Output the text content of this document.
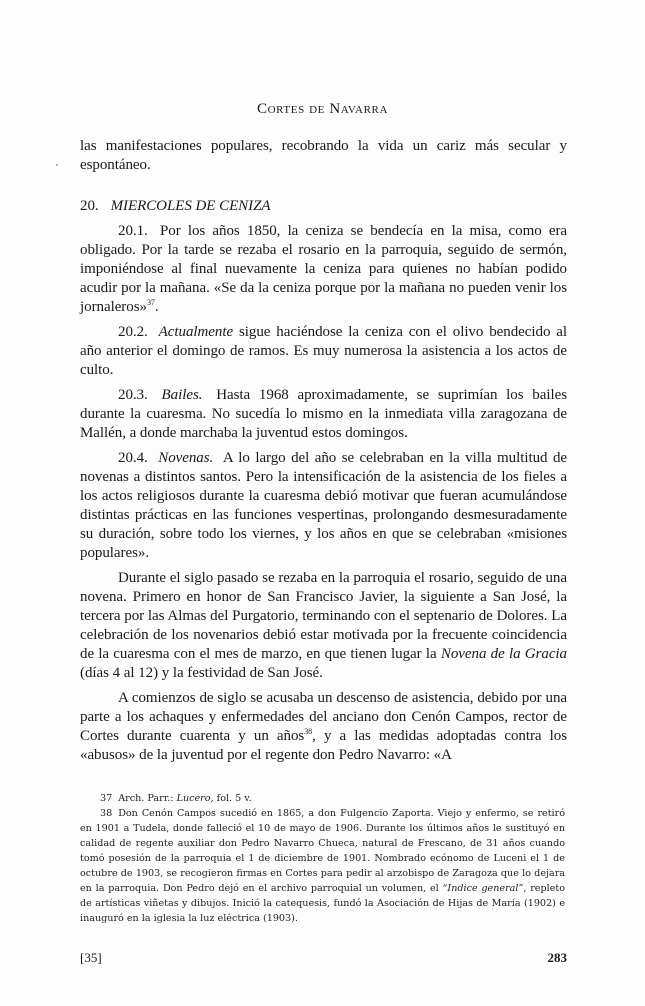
Cortes de Navarra

las manifestaciones populares, recobrando la vida un cariz más secular y espontáneo.

20. MIERCOLES DE CENIZA

20.1. Por los años 1850, la ceniza se bendecía en la misa, como era obligado. Por la tarde se rezaba el rosario en la parroquia, seguido de sermón, imponiéndose al final nuevamente la ceniza para quienes no habían podido acudir por la mañana. «Se da la ceniza porque por la mañana no pueden venir los jornaleros»$^{37}$.

20.2. Actualmente sigue haciéndose la ceniza con el olivo bendecido al año anterior el domingo de ramos. Es muy numerosa la asistencia a los actos de culto.

20.3. Bailes. Hasta 1968 aproximadamente, se suprimían los bailes durante la cuaresma. No sucedía lo mismo en la inmediata villa zaragozana de Mallén, a donde marchaba la juventud estos domingos.

20.4. Novenas. A lo largo del año se celebraban en la villa multitud de novenas a distintos santos. Pero la intensificación de la asistencia de los fieles a los actos religiosos durante la cuaresma debió motivar que fueran acumulándose distintas prácticas en las funciones vespertinas, prolongando desmesuradamente su duración, sobre todo los viernes, y los años en que se celebraban «misiones populares».

Durante el siglo pasado se rezaba en la parroquia el rosario, seguido de una novena. Primero en honor de San Francisco Javier, la siguiente a San José, la tercera por las Almas del Purgatorio, terminando con el septenario de Dolores. La celebración de los novenarios debió estar motivada por la frecuente coincidencia de la cuaresma con el mes de marzo, en que tienen lugar la Novena de la Gracia (días 4 al 12) y la festividad de San José.

A comienzos de siglo se acusaba un descenso de asistencia, debido por una parte a los achaques y enfermedades del anciano don Cenón Campos, rector de Cortes durante cuarenta y un años$^{38}$, y a las medidas adoptadas contra los «abusos» de la juventud por el regente don Pedro Navarro: «A

37 Arch. Parr.: Lucero, fol. 5 v.

38 Don Cenón Campos sucedió en 1865, a don Fulgencio Zaporta. Viejo y enfermo, se retiró en 1901 a Tudela, donde falleció el 10 de mayo de 1906. Durante los últimos años le sustituyó en calidad de regente auxiliar don Pedro Navarro Chueca, natural de Frescano, de 31 años cuando tomó posesión de la parroquia el 1 de diciembre de 1901. Nombrado ecónomo de Luceni el 1 de octubre de 1903, se recogieron firmas en Cortes para pedir al arzobispo de Zaragoza que lo dejara en la parroquia. Don Pedro dejó en el archivo parroquial un volumen, el “Indice general”, repleto de artísticas viñetas y dibujos. Inició la catequesis, fundó la Asociación de Hijas de María (1902) e inauguró en la iglesia la luz eléctrica (1903).

[35]	283
